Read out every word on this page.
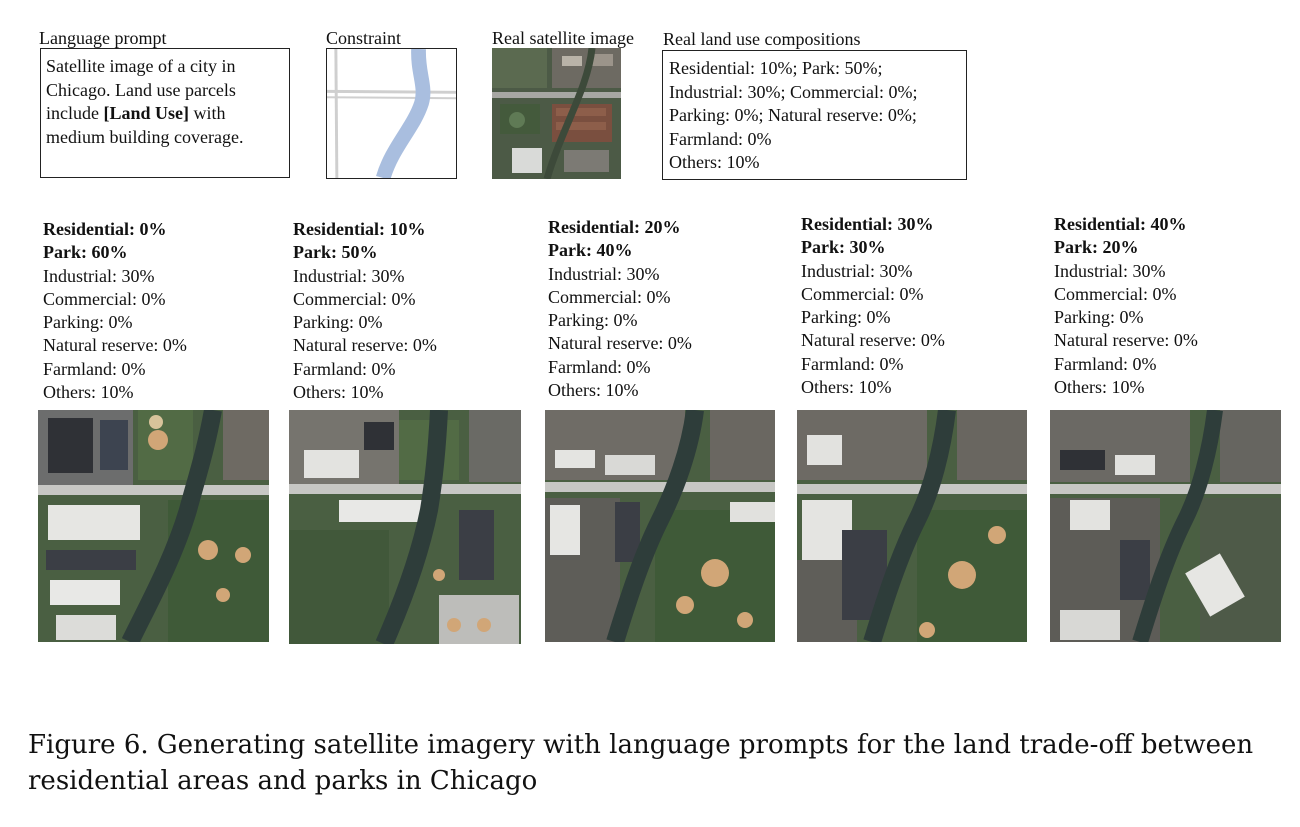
Language prompt
Satellite image of a city in Chicago. Land use parcels include [Land Use] with medium building coverage.
Constraint	Real satellite image Real land use compositions
Residential: 10%; Park: 50%;
Industrial: 30%; Commercial: 0%;
Parking: 0%; Natural reserve: 0%;
Farmland: 0%
Others: 10%
Residential: 0%
Park: 60%
Industrial: 30%
Commercial: 0%
Parking: 0%
Natural reserve: 0%
Farmland: 0%
Others: 10%
Residential: 10%
Park: 50%
Industrial: 30%
Commercial: 0%
Parking: 0%
Natural reserve: 0%
Farmland: 0%
Others: 10%
Residential: 20%
Park: 40%
Industrial: 30%
Commercial: 0%
Parking: 0%
Natural reserve: 0%
Farmland: 0%
Others: 10%
Residential: 30%
Park: 30%
Industrial: 30%
Commercial: 0%
Parking: 0%
Natural reserve: 0%
Farmland: 0%
Others: 10%
Residential: 40%
Park: 20%
Industrial: 30%
Commercial: 0%
Parking: 0%
Natural reserve: 0%
Farmland: 0%
Others: 10%
Figure 6. Generating satellite imagery with language prompts for the land trade-off between
residential areas and parks in Chicago
